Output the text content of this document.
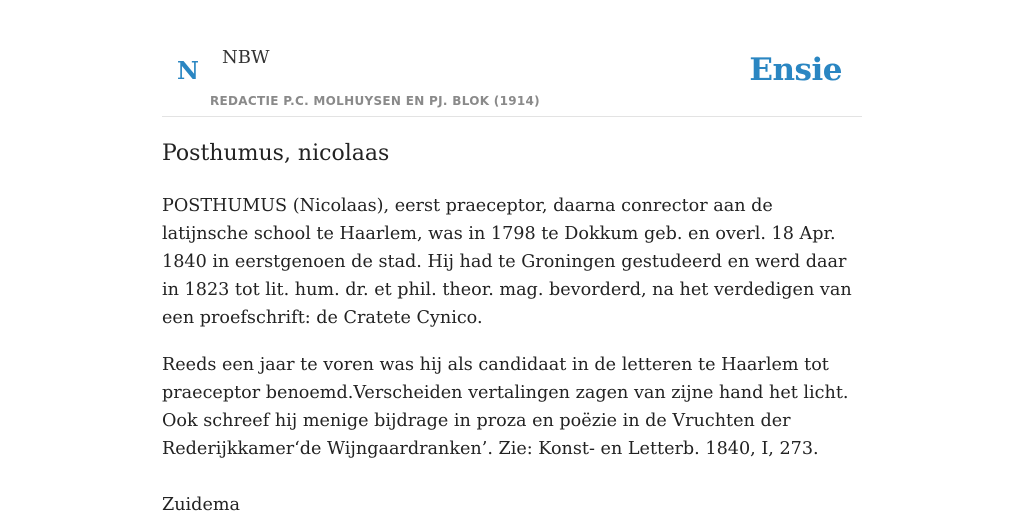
N NBW
REDACTIE P.C. MOLHUYSEN EN PJ. BLOK (1914)
Ensie
Posthumus, nicolaas

POSTHUMUS (Nicolaas), eerst praeceptor, daarna conrector aan de latijnsche school te Haarlem, was in 1798 te Dokkum geb. en overl. 18 Apr. 1840 in eerstgenoen de stad. Hij had te Groningen gestudeerd en werd daar in 1823 tot lit. hum. dr. et phil. theor. mag. bevorderd, na het verdedigen van een proefschrift: de Cratete Cynico.

Reeds een jaar te voren was hij als candidaat in de letteren te Haarlem tot praeceptor benoemd.Verscheiden vertalingen zagen van zijne hand het licht. Ook schreef hij menige bijdrage in proza en poëzie in de Vruchten der Rederijkkamer‘de Wijngaardranken’. Zie: Konst- en Letterb. 1840, I, 273.

Zuidema
